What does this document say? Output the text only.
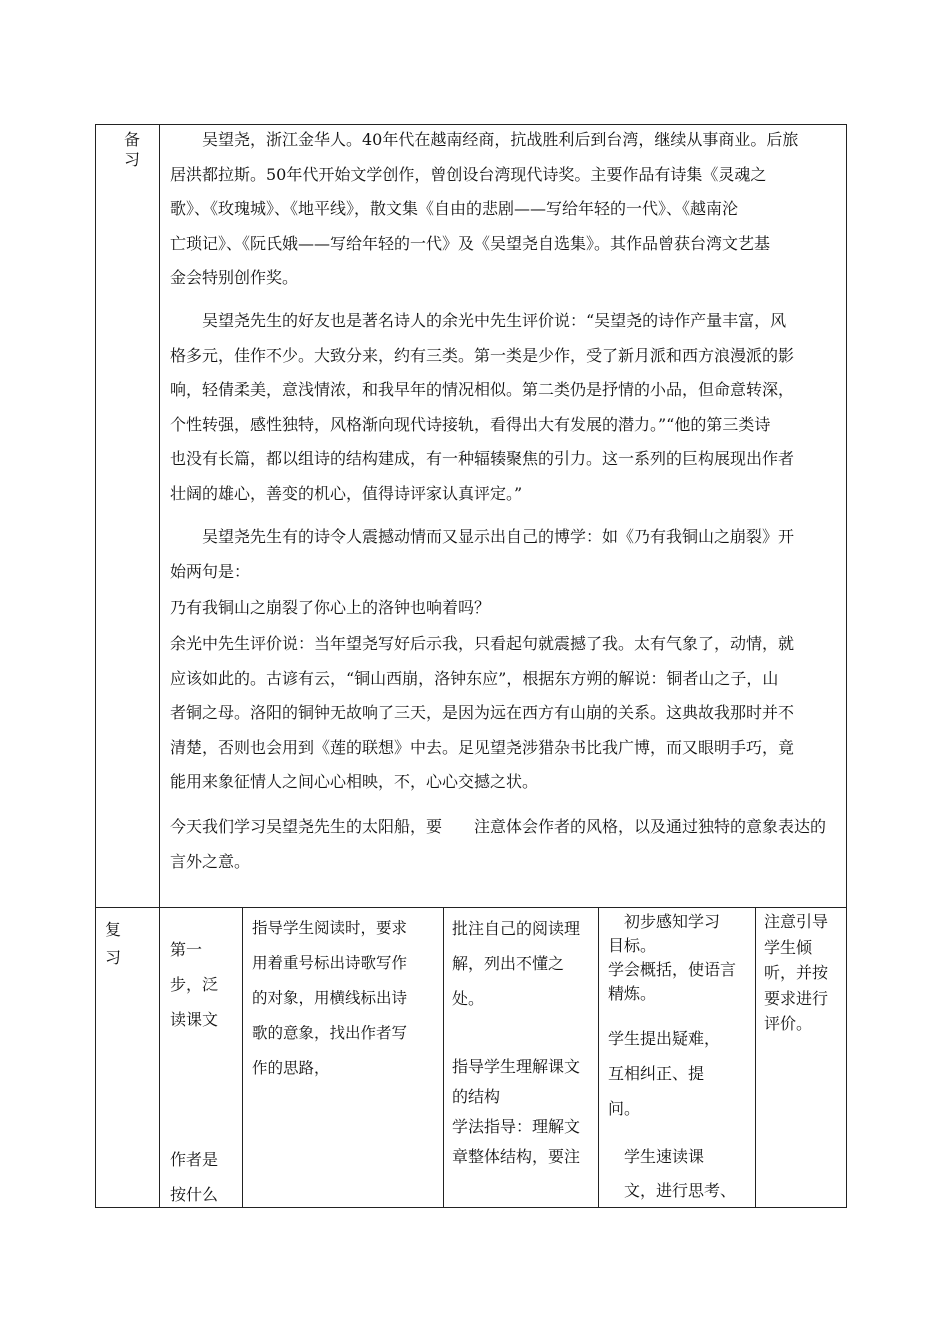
备习
吴望尧，浙江金华人。40年代在越南经商，抗战胜利后到台湾，继续从事商业。后旅
居洪都拉斯。50年代开始文学创作，曾创设台湾现代诗奖。主要作品有诗集《灵魂之
歌》、《玫瑰城》、《地平线》，散文集《自由的悲剧——写给年轻的一代》、《越南沦
亡琐记》、《阮氏娥——写给年轻的一代》及《吴望尧自选集》。其作品曾获台湾文艺基
金会特别创作奖。
吴望尧先生的好友也是著名诗人的余光中先生评价说：“吴望尧的诗作产量丰富，风
格多元，佳作不少。大致分来，约有三类。第一类是少作，受了新月派和西方浪漫派的影
响，轻倩柔美，意浅情浓，和我早年的情况相似。第二类仍是抒情的小品，但命意转深，
个性转强，感性独特，风格渐向现代诗接轨，看得出大有发展的潜力。”“他的第三类诗
也没有长篇，都以组诗的结构建成，有一种辐辏聚焦的引力。这一系列的巨构展现出作者
壮阔的雄心，善变的机心，值得诗评家认真评定。”
吴望尧先生有的诗令人震撼动情而又显示出自己的博学：如《乃有我铜山之崩裂》开
始两句是：
乃有我铜山之崩裂了你心上的洛钟也响着吗？
余光中先生评价说：当年望尧写好后示我，只看起句就震撼了我。太有气象了，动情，就
应该如此的。古谚有云，“铜山西崩，洛钟东应”，根据东方朔的解说：铜者山之子，山
者铜之母。洛阳的铜钟无故响了三天，是因为远在西方有山崩的关系。这典故我那时并不
清楚，否则也会用到《莲的联想》中去。足见望尧涉猎杂书比我广博，而又眼明手巧，竟
能用来象征情人之间心心相映，不，心心交撼之状。
今天我们学习吴望尧先生的太阳船，要　　注意体会作者的风格，以及通过独特的意象表达的
言外之意。
复习	第一
步，泛
读课文
作者是
按什么
指导学生阅读时，要求
用着重号标出诗歌写作
的对象，用横线标出诗
歌的意象，找出作者写
作的思路，
批注自己的阅读理
解，列出不懂之
处。
指导学生理解课文
的结构
学法指导：理解文
章整体结构，要注
　初步感知学习
目标。
学会概括，使语言
精炼。
学生提出疑难，
互相纠正、提
问。
　学生速读课
　文，进行思考、
注意引导
学生倾
听，并按
要求进行
评价。
